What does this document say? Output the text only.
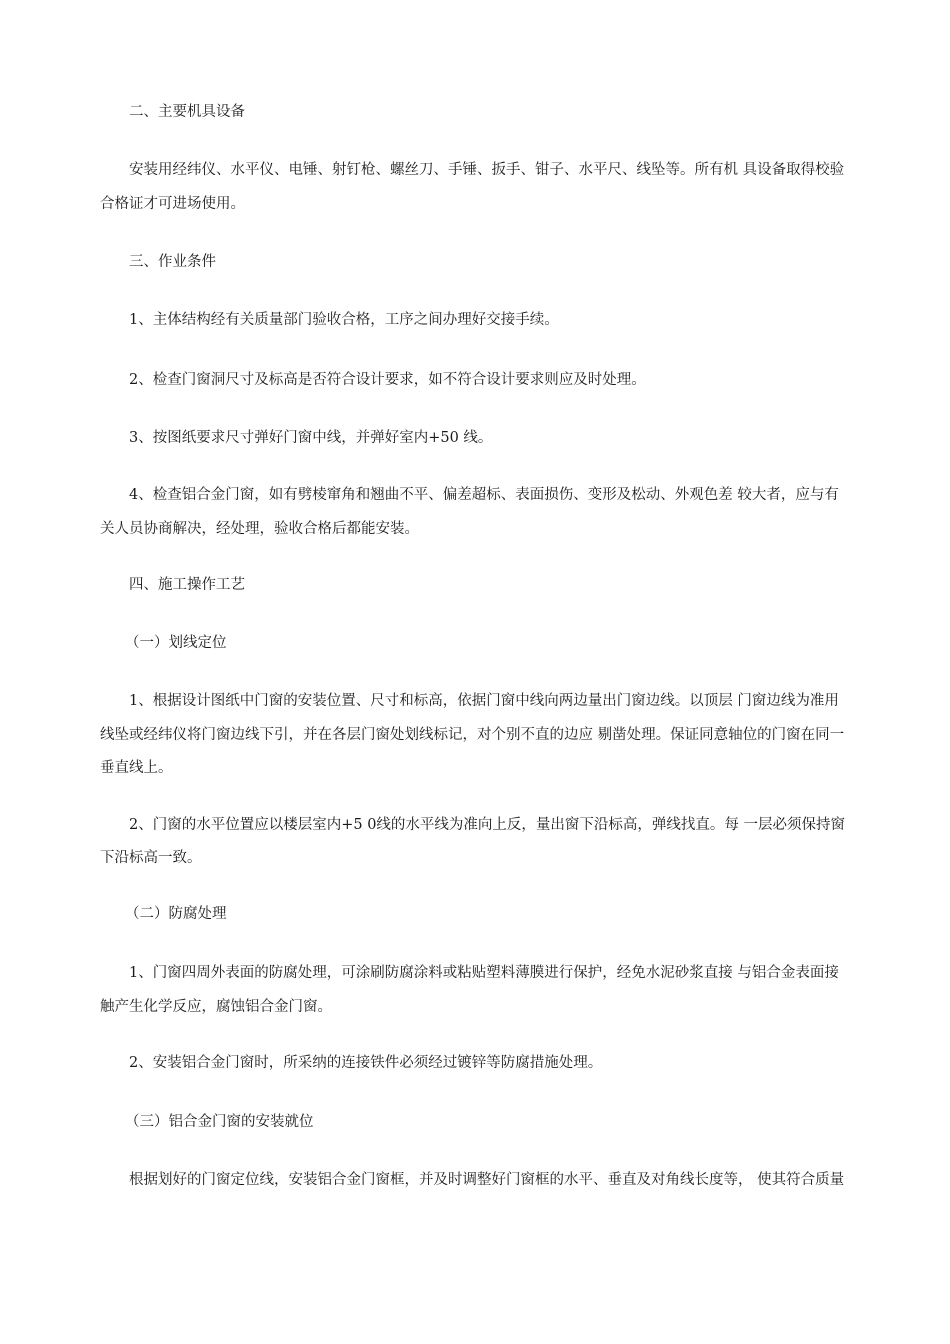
二、主要机具设备
安装用经纬仪、水平仪、电锤、射钉枪、螺丝刀、手锤、扳手、钳子、水平尺、线坠等。所有机 具设备取得校验
合格证才可进场使用。
三、作业条件
1、主体结构经有关质量部门验收合格，工序之间办理好交接手续。
2、检查门窗洞尺寸及标高是否符合设计要求，如不符合设计要求则应及时处理。
3、按图纸要求尺寸弹好门窗中线，并弹好室内+50 线。
4、检查铝合金门窗，如有劈棱窜角和翘曲不平、偏差超标、表面损伤、变形及松动、外观色差 较大者，应与有
关人员协商解决，经处理，验收合格后都能安装。
四、施工操作工艺
（一）划线定位
1、根据设计图纸中门窗的安装位置、尺寸和标高，依据门窗中线向两边量出门窗边线。以顶层 门窗边线为准用
线坠或经纬仪将门窗边线下引，并在各层门窗处划线标记，对个别不直的边应 剔凿处理。保证同意轴位的门窗在同一
垂直线上。
2、门窗的水平位置应以楼层室内+5 0线的水平线为准向上反，量出窗下沿标高，弹线找直。每 一层必须保持窗
下沿标高一致。
（二）防腐处理
1、门窗四周外表面的防腐处理，可涂刷防腐涂料或粘贴塑料薄膜进行保护，经免水泥砂浆直接 与铝合金表面接
触产生化学反应，腐蚀铝合金门窗。
2、安装铝合金门窗时，所采纳的连接铁件必须经过镀锌等防腐措施处理。
（三）铝合金门窗的安装就位
根据划好的门窗定位线，安装铝合金门窗框，并及时调整好门窗框的水平、垂直及对角线长度等， 使其符合质量
